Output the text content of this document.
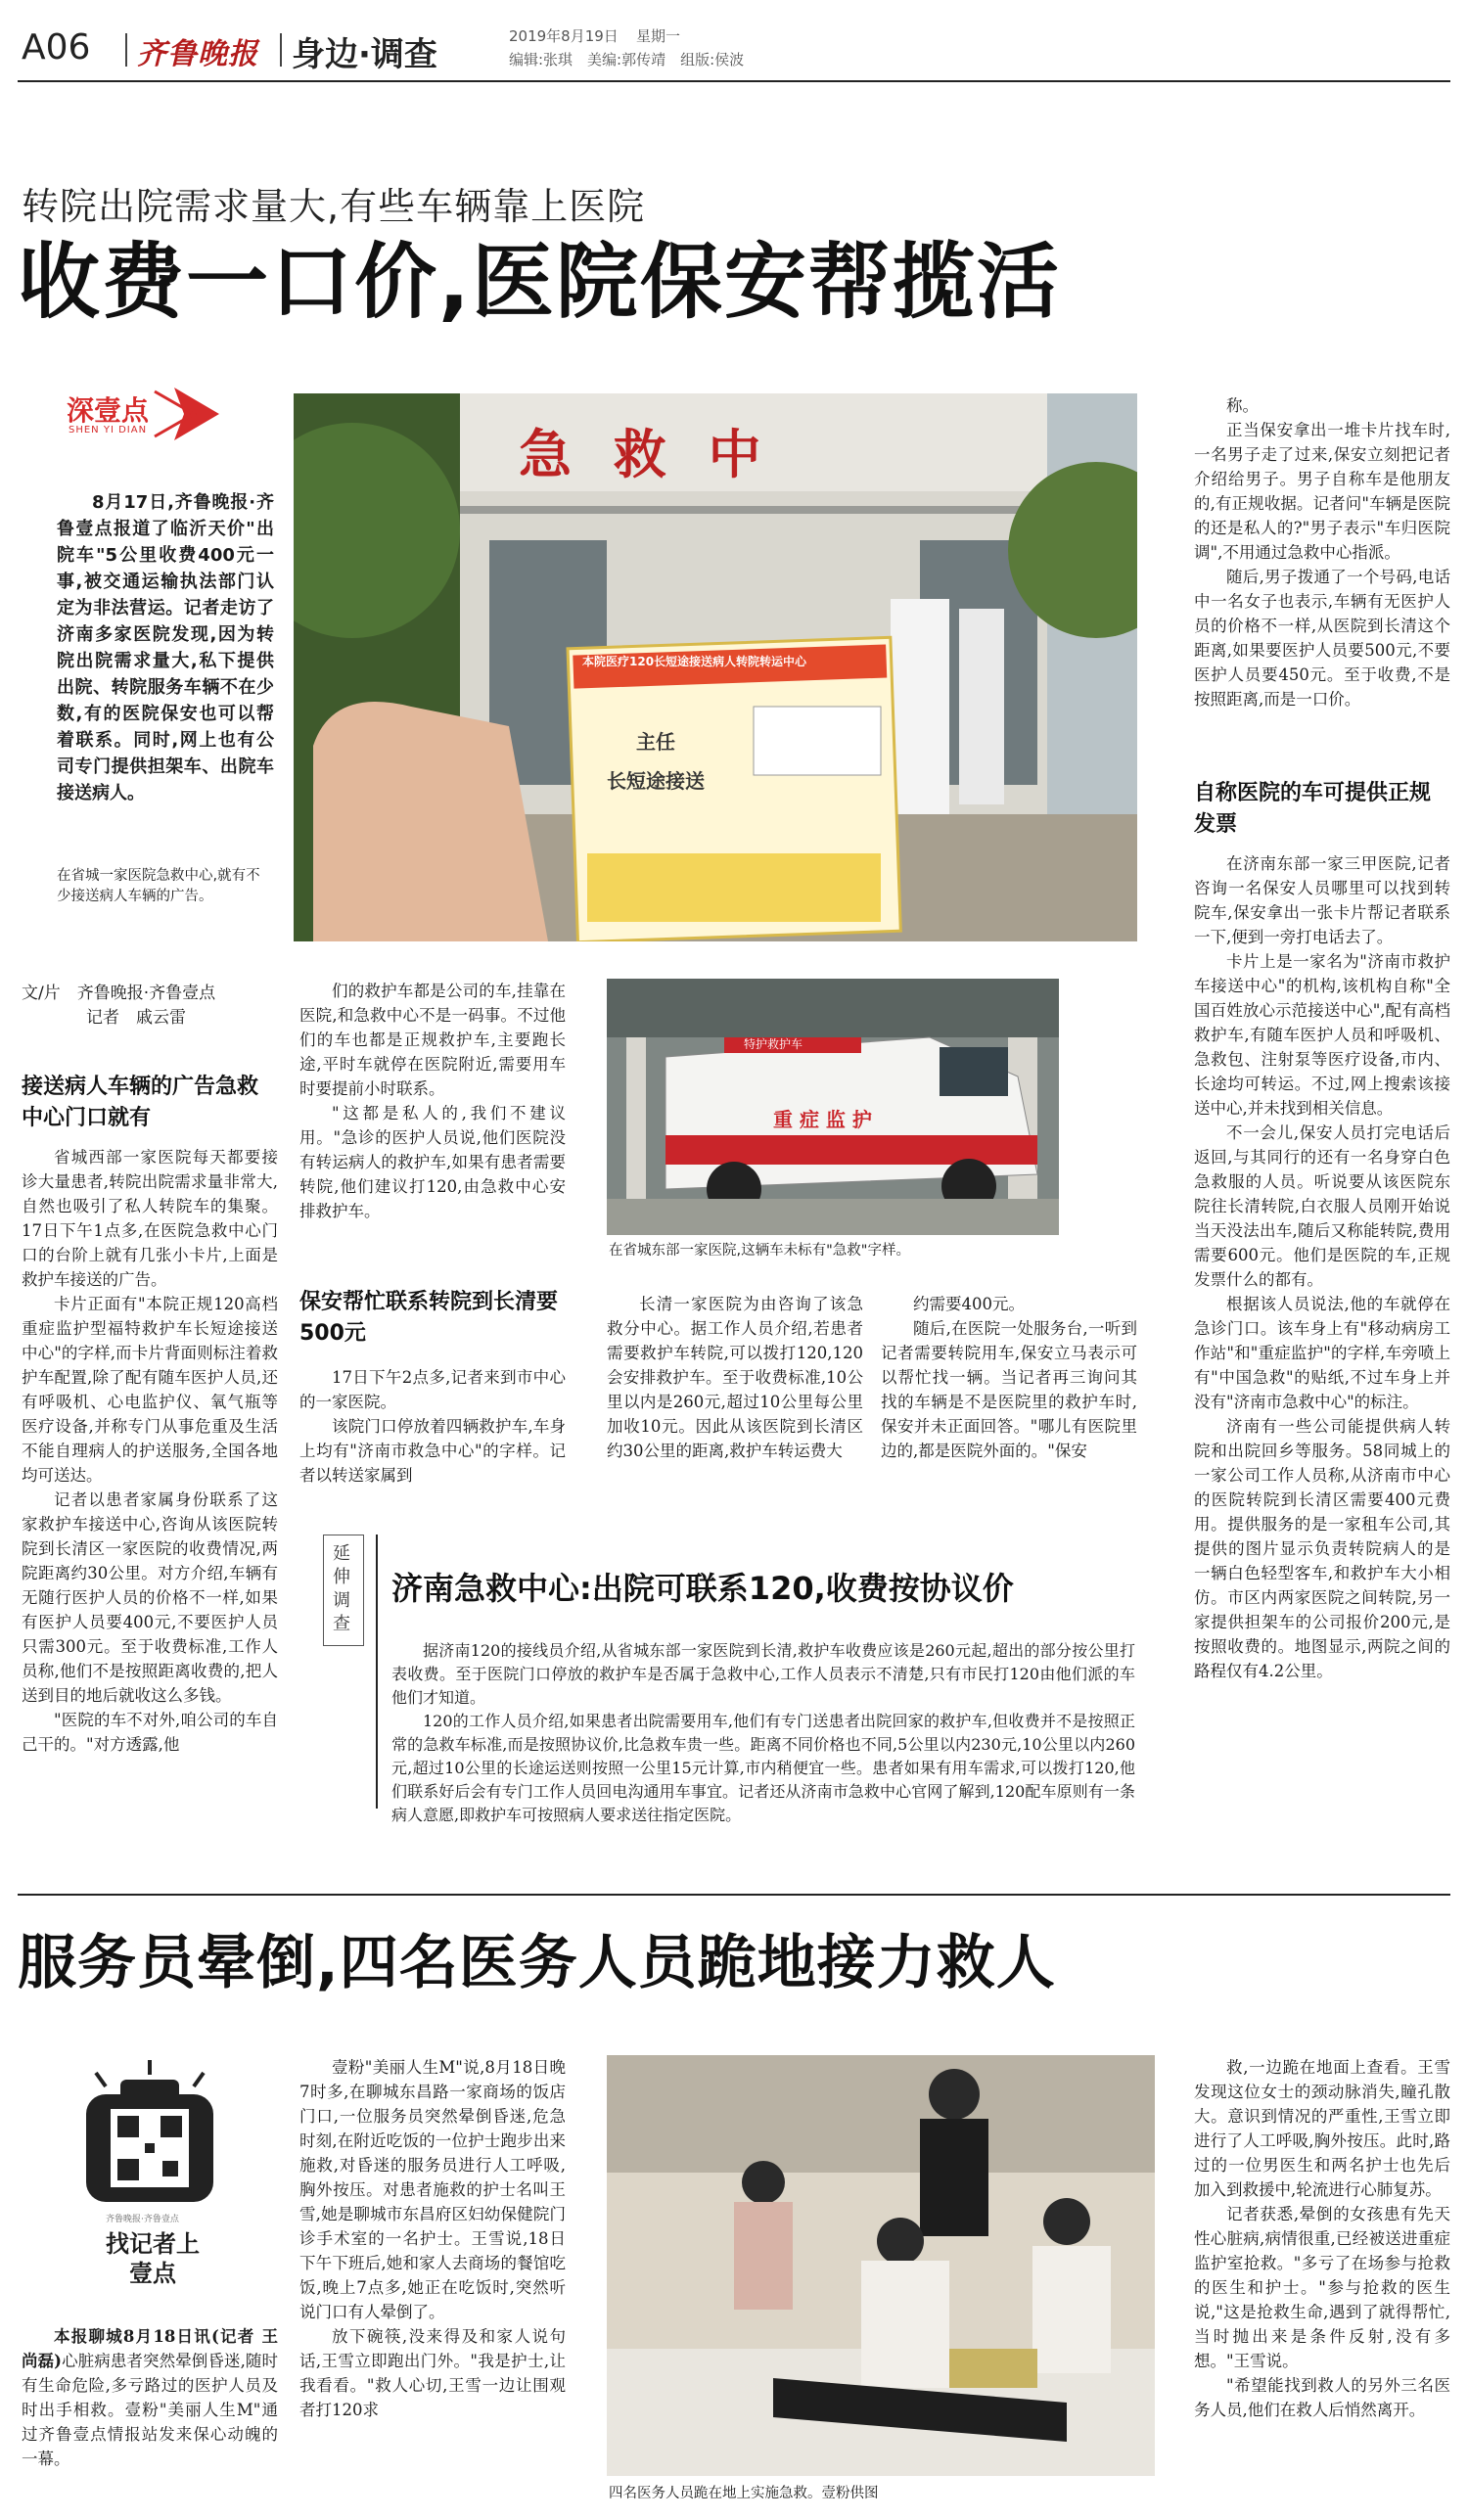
A06 齐鲁晚报 身边·调查	2019年8月19日 星期一
编辑:张琪　美编:郭传靖　组版:侯波
转院出院需求量大,有些车辆靠上医院
收费一口价,医院保安帮揽活
深壹点
SHEN YI DIAN

8月17日,齐鲁晚报·齐鲁壹点报道了临沂天价"出院车"5公里收费400元一事,被交通运输执法部门认定为非法营运。记者走访了济南多家医院发现,因为转院出院需求量大,私下提供出院、转院服务车辆不在少数,有的医院保安也可以帮着联系。同时,网上也有公司专门提供担架车、出院车接送病人。

急 救 中
本院医疗120长短途接送病人转院转运中心
主任
长短途接送
在省城一家医院急救中心,就有不少接送病人车辆的广告。
文/片　齐鲁晚报·齐鲁壹点
记者　戚云雷
接送病人车辆的广告急救中心门口就有

省城西部一家医院每天都要接诊大量患者,转院出院需求量非常大,自然也吸引了私人转院车的集聚。17日下午1点多,在医院急救中心门口的台阶上就有几张小卡片,上面是救护车接送的广告。

卡片正面有"本院正规120高档重症监护型福特救护车长短途接送中心"的字样,而卡片背面则标注着救护车配置,除了配有随车医护人员,还有呼吸机、心电监护仪、氧气瓶等医疗设备,并称专门从事危重及生活不能自理病人的护送服务,全国各地均可送达。

记者以患者家属身份联系了这家救护车接送中心,咨询从该医院转院到长清区一家医院的收费情况,两院距离约30公里。对方介绍,车辆有无随行医护人员的价格不一样,如果有医护人员要400元,不要医护人员只需300元。至于收费标准,工作人员称,他们不是按照距离收费的,把人送到目的地后就收这么多钱。

"医院的车不对外,咱公司的车自己干的。"对方透露,他

们的救护车都是公司的车,挂靠在医院,和急救中心不是一码事。不过他们的车也都是正规救护车,主要跑长途,平时车就停在医院附近,需要用车时要提前小时联系。

"这都是私人的,我们不建议用。"急诊的医护人员说,他们医院没有转运病人的救护车,如果有患者需要转院,他们建议打120,由急救中心安排救护车。

保安帮忙联系转院到长清要500元

17日下午2点多,记者来到市中心的一家医院。

该院门口停放着四辆救护车,车身上均有"济南市救急中心"的字样。记者以转送家属到

特护救护车
重 症 监 护
在省城东部一家医院,这辆车未标有"急救"字样。

长清一家医院为由咨询了该急救分中心。据工作人员介绍,若患者需要救护车转院,可以拨打120,120会安排救护车。至于收费标准,10公里以内是260元,超过10公里每公里加收10元。因此从该医院到长清区约30公里的距离,救护车转运费大

约需要400元。

随后,在医院一处服务台,一听到记者需要转院用车,保安立马表示可以帮忙找一辆。当记者再三询问其找的车辆是不是医院里的救护车时,保安并未正面回答。"哪儿有医院里边的,都是医院外面的。"保安

称。

正当保安拿出一堆卡片找车时,一名男子走了过来,保安立刻把记者介绍给男子。男子自称车是他朋友的,有正规收据。记者问"车辆是医院的还是私人的?"男子表示"车归医院调",不用通过急救中心指派。

随后,男子拨通了一个号码,电话中一名女子也表示,车辆有无医护人员的价格不一样,从医院到长清这个距离,如果要医护人员要500元,不要医护人员要450元。至于收费,不是按照距离,而是一口价。

自称医院的车可提供正规发票

在济南东部一家三甲医院,记者咨询一名保安人员哪里可以找到转院车,保安拿出一张卡片帮记者联系一下,便到一旁打电话去了。

卡片上是一家名为"济南市救护车接送中心"的机构,该机构自称"全国百姓放心示范接送中心",配有高档救护车,有随车医护人员和呼吸机、急救包、注射泵等医疗设备,市内、长途均可转运。不过,网上搜索该接送中心,并未找到相关信息。

不一会儿,保安人员打完电话后返回,与其同行的还有一名身穿白色急救服的人员。听说要从该医院东院往长清转院,白衣服人员刚开始说当天没法出车,随后又称能转院,费用需要600元。他们是医院的车,正规发票什么的都有。

根据该人员说法,他的车就停在急诊门口。该车身上有"移动病房工作站"和"重症监护"的字样,车旁喷上有"中国急救"的贴纸,不过车身上并没有"济南市急救中心"的标注。

济南有一些公司能提供病人转院和出院回乡等服务。58同城上的一家公司工作人员称,从济南市中心的医院转院到长清区需要400元费用。提供服务的是一家租车公司,其提供的图片显示负责转院病人的是一辆白色轻型客车,和救护车大小相仿。市区内两家医院之间转院,另一家提供担架车的公司报价200元,是按照收费的。地图显示,两院之间的路程仅有4.2公里。

延伸调查
济南急救中心:出院可联系120,收费按协议价

据济南120的接线员介绍,从省城东部一家医院到长清,救护车收费应该是260元起,超出的部分按公里打表收费。至于医院门口停放的救护车是否属于急救中心,工作人员表示不清楚,只有市民打120由他们派的车他们才知道。

120的工作人员介绍,如果患者出院需要用车,他们有专门送患者出院回家的救护车,但收费并不是按照正常的急救车标准,而是按照协议价,比急救车贵一些。距离不同价格也不同,5公里以内230元,10公里以内260元,超过10公里的长途运送则按照一公里15元计算,市内稍便宜一些。患者如果有用车需求,可以拨打120,他们联系好后会有专门工作人员回电沟通用车事宜。记者还从济南市急救中心官网了解到,120配车原则有一条病人意愿,即救护车可按照病人要求送往指定医院。

服务员晕倒,四名医务人员跪地接力救人
齐鲁晚报·齐鲁壹点
找记者上壹点

本报聊城8月18日讯(记者 王尚磊)心脏病患者突然晕倒昏迷,随时有生命危险,多亏路过的医护人员及时出手相救。壹粉"美丽人生M"通过齐鲁壹点情报站发来保心动魄的一幕。

壹粉"美丽人生M"说,8月18日晚7时多,在聊城东昌路一家商场的饭店门口,一位服务员突然晕倒昏迷,危急时刻,在附近吃饭的一位护士跑步出来施救,对昏迷的服务员进行人工呼吸,胸外按压。对患者施救的护士名叫王雪,她是聊城市东昌府区妇幼保健院门诊手术室的一名护士。王雪说,18日下午下班后,她和家人去商场的餐馆吃饭,晚上7点多,她正在吃饭时,突然听说门口有人晕倒了。

放下碗筷,没来得及和家人说句话,王雪立即跑出门外。"我是护士,让我看看。"救人心切,王雪一边让围观者打120求

四名医务人员跪在地上实施急救。壹粉供图

救,一边跪在地面上查看。王雪发现这位女士的颈动脉消失,瞳孔散大。意识到情况的严重性,王雪立即进行了人工呼吸,胸外按压。此时,路过的一位男医生和两名护士也先后加入到救援中,轮流进行心肺复苏。

记者获悉,晕倒的女孩患有先天性心脏病,病情很重,已经被送进重症监护室抢救。"多亏了在场参与抢救的医生和护士。"参与抢救的医生说,"这是抢救生命,遇到了就得帮忙,当时抛出来是条件反射,没有多想。"王雪说。

"希望能找到救人的另外三名医务人员,他们在救人后悄然离开。
